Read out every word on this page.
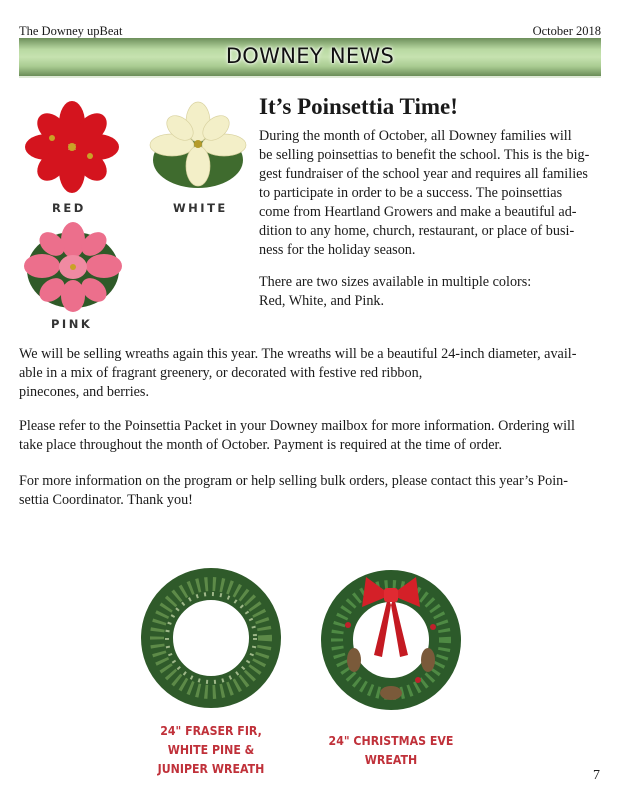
The Downey upBeat	October 2018
DOWNEY NEWS
RED	WHITE
PINK
It’s Poinsettia Time!
During the month of October, all Downey families will
be selling poinsettias to benefit the school. This is the big-
gest fundraiser of the school year and requires all families
to participate in order to be a success. The poinsettias
come from Heartland Growers and make a beautiful ad-
dition to any home, church, restaurant, or place of busi-
ness for the holiday season.
There are two sizes available in multiple colors:
Red, White, and Pink.
We will be selling wreaths again this year. The wreaths will be a beautiful 24-inch diameter, avail-
able in a mix of fragrant greenery, or decorated with festive red ribbon,
pinecones, and berries.
Please refer to the Poinsettia Packet in your Downey mailbox for more information. Ordering will
take place throughout the month of October. Payment is required at the time of order.
For more information on the program or help selling bulk orders, please contact this year’s Poin-
settia Coordinator. Thank you!
24" FRASER FIR,
WHITE PINE &
JUNIPER WREATH
24" CHRISTMAS EVE
WREATH
7
